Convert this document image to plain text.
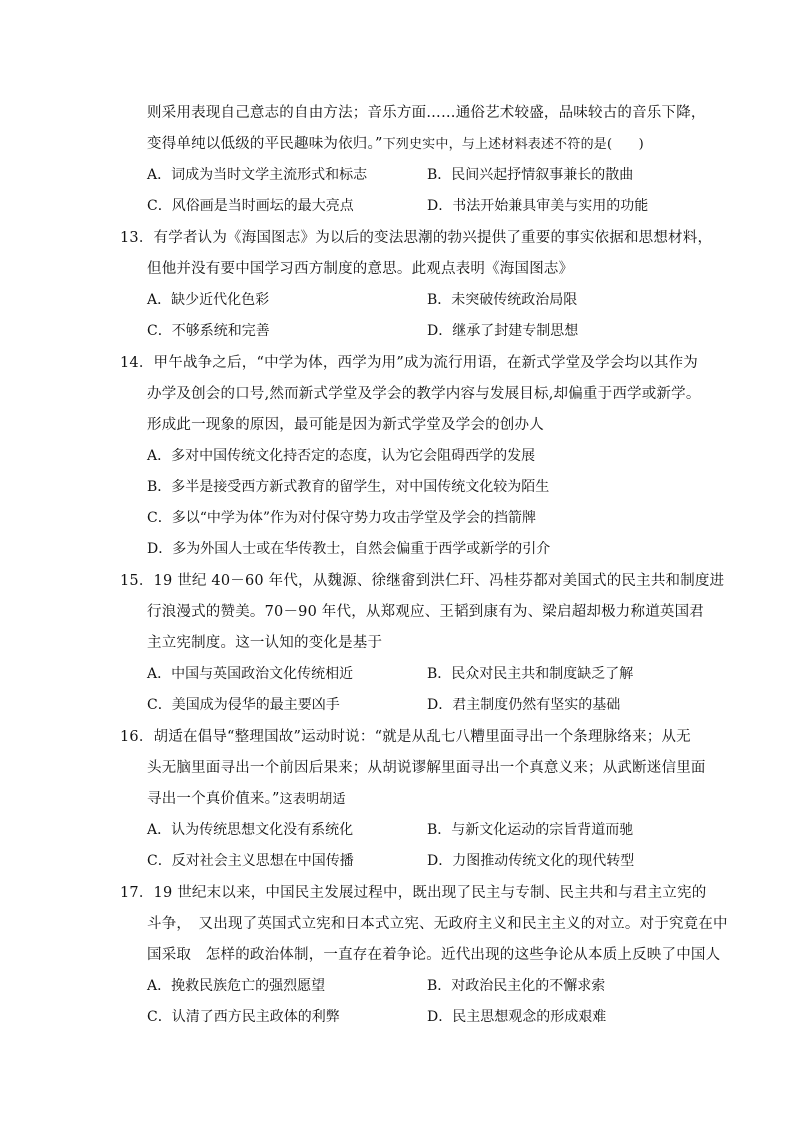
则采用表现自己意志的自由方法；音乐方面……通俗艺术较盛，品味较古的音乐下降，
变得单纯以低级的平民趣味为依归。”下列史实中，与上述材料表述不符的是(　　)
A．词成为当时文学主流形式和标志	B．民间兴起抒情叙事兼长的散曲
C．风俗画是当时画坛的最大亮点	D．书法开始兼具审美与实用的功能
13．有学者认为《海国图志》为以后的变法思潮的勃兴提供了重要的事实依据和思想材料，
但他并没有要中国学习西方制度的意思。此观点表明《海国图志》
A．缺少近代化色彩	B．未突破传统政治局限
C．不够系统和完善	D．继承了封建专制思想
14．甲午战争之后，“中学为体，西学为用”成为流行用语，在新式学堂及学会均以其作为
办学及创会的口号,然而新式学堂及学会的教学内容与发展目标,却偏重于西学或新学。
形成此一现象的原因，最可能是因为新式学堂及学会的创办人
A．多对中国传统文化持否定的态度，认为它会阻碍西学的发展
B．多半是接受西方新式教育的留学生，对中国传统文化较为陌生
C．多以“中学为体”作为对付保守势力攻击学堂及学会的挡箭牌
D．多为外国人士或在华传教士，自然会偏重于西学或新学的引介
15．19 世纪 40－60 年代，从魏源、徐继畲到洪仁玕、冯桂芬都对美国式的民主共和制度进
行浪漫式的赞美。70－90 年代，从郑观应、王韬到康有为、梁启超却极力称道英国君
主立宪制度。这一认知的变化是基于
A．中国与英国政治文化传统相近	B．民众对民主共和制度缺乏了解
C．美国成为侵华的最主要凶手	D．君主制度仍然有坚实的基础
16．胡适在倡导“整理国故”运动时说：“就是从乱七八糟里面寻出一个条理脉络来；从无
头无脑里面寻出一个前因后果来；从胡说谬解里面寻出一个真意义来；从武断迷信里面
寻出一个真价值来。”这表明胡适
A．认为传统思想文化没有系统化	B．与新文化运动的宗旨背道而驰
C．反对社会主义思想在中国传播	D．力图推动传统文化的现代转型
17．19 世纪末以来，中国民主发展过程中，既出现了民主与专制、民主共和与君主立宪的
斗争，　又出现了英国式立宪和日本式立宪、无政府主义和民主主义的对立。对于究竟在中
国采取　怎样的政治体制，一直存在着争论。近代出现的这些争论从本质上反映了中国人
A．挽救民族危亡的强烈愿望	B．对政治民主化的不懈求索
C．认清了西方民主政体的利弊	D．民主思想观念的形成艰难
